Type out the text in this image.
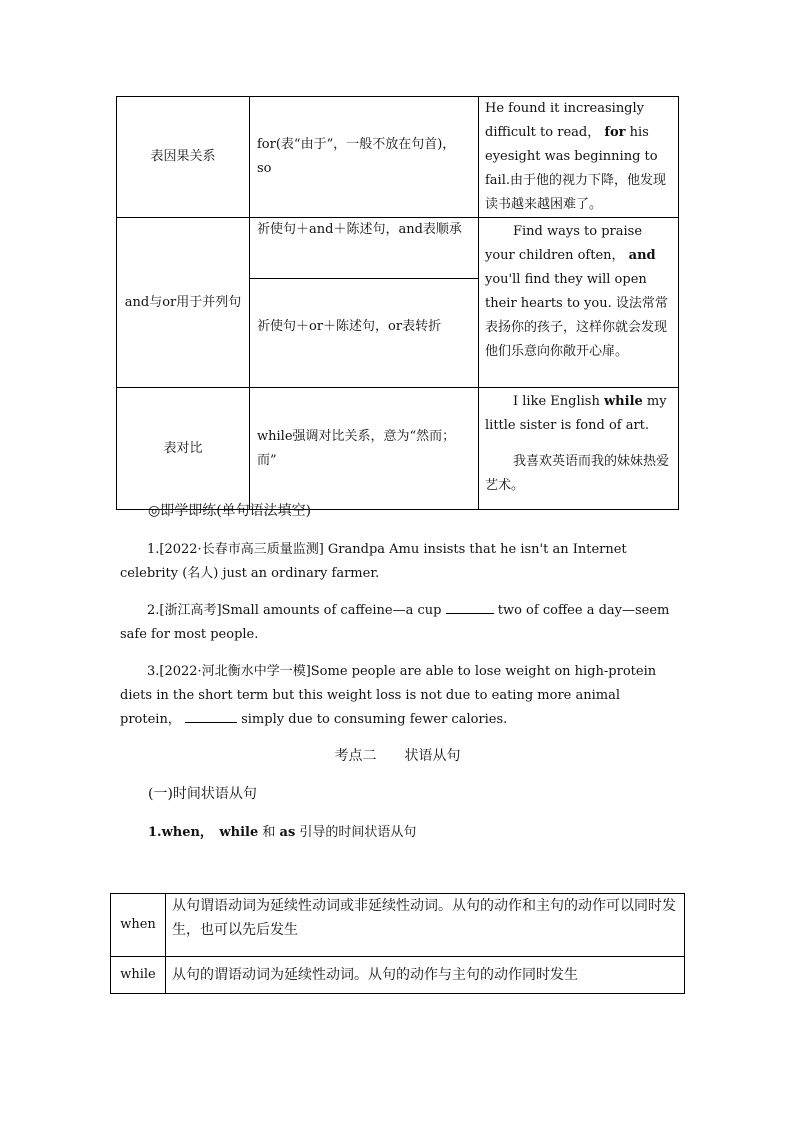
表因果关系	for(表“由于”，一般不放在句首)， so	He found it increasingly difficult to read， for his eyesight was beginning to fail.由于他的视力下降，他发现读书越来越困难了。
and与or用于并列句	祈使句＋and＋陈述句，and表顺承	Find ways to praise your children often， and you'll find they will open their hearts to you. 设法常常表扬你的孩子，这样你就会发现他们乐意向你敞开心扉。

	祈使句＋or＋陈述句，or表转折	
表对比	while强调对比关系，意为“然而；而”	I like English while my little sister is fond of art.
我喜欢英语而我的妹妹热爱艺术。
◎即学即练(单句语法填空)
1.[2022·长春市高三质量监测] Grandpa Amu insists that he isn't an Internet celebrity (名人) just an ordinary farmer.
2.[浙江高考]Small amounts of caffeine—a cup	two of coffee a day—seem safe for most people.
3.[2022·河北衡水中学一模]Some people are able to lose weight on high-protein diets in the short term but this weight loss is not due to eating more animal protein，	simply due to consuming fewer calories.
考点二　　状语从句
(一)时间状语从句
1.when，　while 和 as 引导的时间状语从句
when	从句谓语动词为延续性动词或非延续性动词。从句的动作和主句的动作可以同时发生，也可以先后发生
while	从句的谓语动词为延续性动词。从句的动作与主句的动作同时发生
